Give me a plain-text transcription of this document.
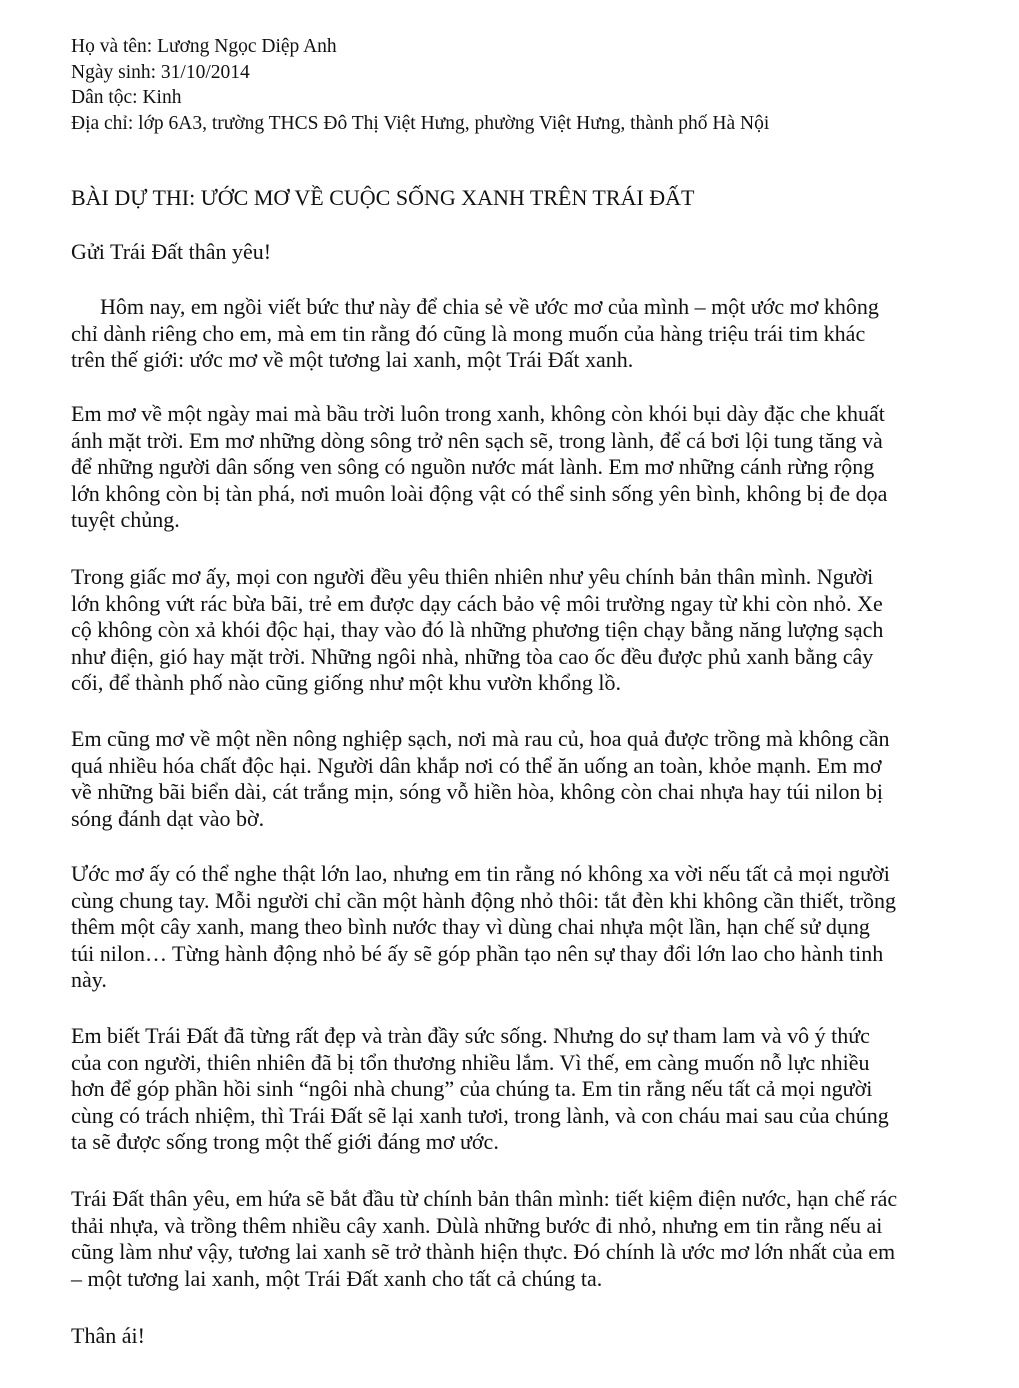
Họ và tên: Lương Ngọc Diệp Anh
Ngày sinh: 31/10/2014
Dân tộc: Kinh
Địa chỉ: lớp 6A3, trường THCS Đô Thị Việt Hưng, phường Việt Hưng, thành phố Hà Nội
BÀI DỰ THI: ƯỚC MƠ VỀ CUỘC SỐNG XANH TRÊN TRÁI ĐẤT
Gửi Trái Đất thân yêu!
Hôm nay, em ngồi viết bức thư này để chia sẻ về ước mơ của mình – một ước mơ không
chỉ dành riêng cho em, mà em tin rằng đó cũng là mong muốn của hàng triệu trái tim khác
trên thế giới: ước mơ về một tương lai xanh, một Trái Đất xanh.
Em mơ về một ngày mai mà bầu trời luôn trong xanh, không còn khói bụi dày đặc che khuất
ánh mặt trời. Em mơ những dòng sông trở nên sạch sẽ, trong lành, để cá bơi lội tung tăng và
để những người dân sống ven sông có nguồn nước mát lành. Em mơ những cánh rừng rộng
lớn không còn bị tàn phá, nơi muôn loài động vật có thể sinh sống yên bình, không bị đe dọa
tuyệt chủng.
Trong giấc mơ ấy, mọi con người đều yêu thiên nhiên như yêu chính bản thân mình. Người
lớn không vứt rác bừa bãi, trẻ em được dạy cách bảo vệ môi trường ngay từ khi còn nhỏ. Xe
cộ không còn xả khói độc hại, thay vào đó là những phương tiện chạy bằng năng lượng sạch
như điện, gió hay mặt trời. Những ngôi nhà, những tòa cao ốc đều được phủ xanh bằng cây
cối, để thành phố nào cũng giống như một khu vườn khổng lồ.
Em cũng mơ về một nền nông nghiệp sạch, nơi mà rau củ, hoa quả được trồng mà không cần
quá nhiều hóa chất độc hại. Người dân khắp nơi có thể ăn uống an toàn, khỏe mạnh. Em mơ
về những bãi biển dài, cát trắng mịn, sóng vỗ hiền hòa, không còn chai nhựa hay túi nilon bị
sóng đánh dạt vào bờ.
Ước mơ ấy có thể nghe thật lớn lao, nhưng em tin rằng nó không xa vời nếu tất cả mọi người
cùng chung tay. Mỗi người chỉ cần một hành động nhỏ thôi: tắt đèn khi không cần thiết, trồng
thêm một cây xanh, mang theo bình nước thay vì dùng chai nhựa một lần, hạn chế sử dụng
túi nilon… Từng hành động nhỏ bé ấy sẽ góp phần tạo nên sự thay đổi lớn lao cho hành tinh
này.
Em biết Trái Đất đã từng rất đẹp và tràn đầy sức sống. Nhưng do sự tham lam và vô ý thức
của con người, thiên nhiên đã bị tổn thương nhiều lắm. Vì thế, em càng muốn nỗ lực nhiều
hơn để góp phần hồi sinh “ngôi nhà chung” của chúng ta. Em tin rằng nếu tất cả mọi người
cùng có trách nhiệm, thì Trái Đất sẽ lại xanh tươi, trong lành, và con cháu mai sau của chúng
ta sẽ được sống trong một thế giới đáng mơ ước.
Trái Đất thân yêu, em hứa sẽ bắt đầu từ chính bản thân mình: tiết kiệm điện nước, hạn chế rác
thải nhựa, và trồng thêm nhiều cây xanh. Dùlà những bước đi nhỏ, nhưng em tin rằng nếu ai
cũng làm như vậy, tương lai xanh sẽ trở thành hiện thực. Đó chính là ước mơ lớn nhất của em
– một tương lai xanh, một Trái Đất xanh cho tất cả chúng ta.
Thân ái!
